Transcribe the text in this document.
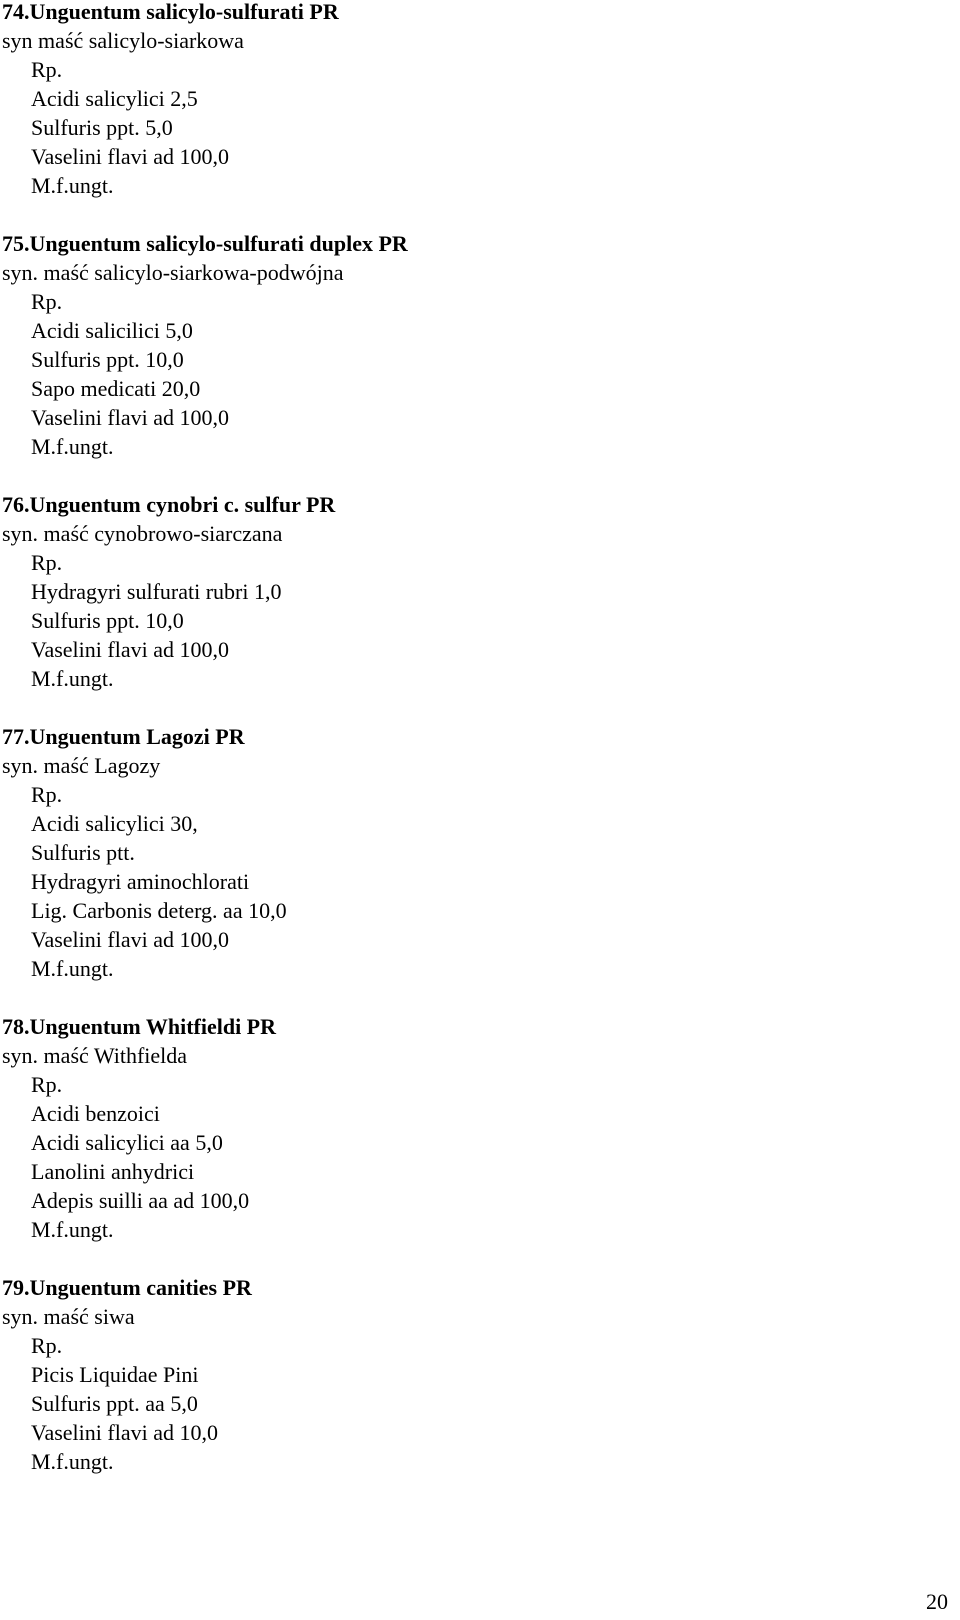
74.Unguentum salicylo-sulfurati PR
syn maść salicylo-siarkowa
Rp.
Acidi salicylici 2,5
Sulfuris ppt. 5,0
Vaselini flavi ad 100,0
M.f.ungt.
75.Unguentum salicylo-sulfurati duplex PR
syn. maść salicylo-siarkowa-podwójna
Rp.
Acidi salicilici 5,0
Sulfuris ppt. 10,0
Sapo medicati 20,0
Vaselini flavi ad 100,0
M.f.ungt.
76.Unguentum cynobri c. sulfur PR
syn. maść cynobrowo-siarczana
Rp.
Hydragyri sulfurati rubri 1,0
Sulfuris ppt. 10,0
Vaselini flavi ad 100,0
M.f.ungt.
77.Unguentum Lagozi PR
syn. maść Lagozy
Rp.
Acidi salicylici 30,
Sulfuris ptt.
Hydragyri aminochlorati
Lig. Carbonis deterg. aa 10,0
Vaselini flavi ad 100,0
M.f.ungt.
78.Unguentum Whitfieldi PR
syn. maść Withfielda
Rp.
Acidi benzoici
Acidi salicylici aa 5,0
Lanolini anhydrici
Adepis suilli aa ad 100,0
M.f.ungt.
79.Unguentum canities PR
syn. maść siwa
Rp.
Picis Liquidae Pini
Sulfuris ppt. aa 5,0
Vaselini flavi ad 10,0
M.f.ungt.
20
